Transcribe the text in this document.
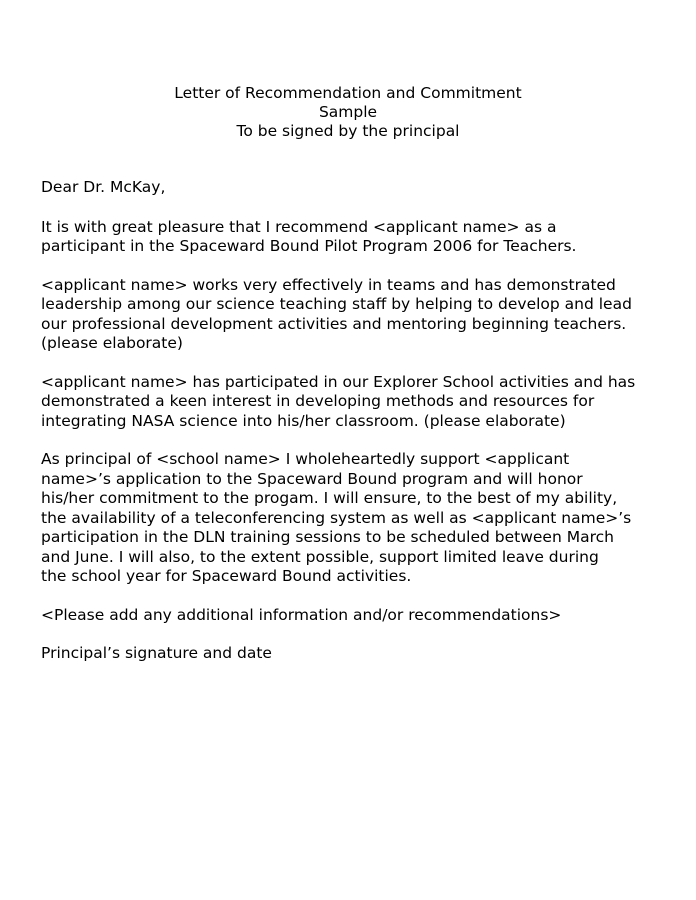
Letter of Recommendation and Commitment
Sample
To be signed by the principal

Dear Dr. McKay,

It is with great pleasure that I recommend <applicant name> as a
participant in the Spaceward Bound Pilot Program 2006 for Teachers.

<applicant name> works very effectively in teams and has demonstrated
leadership among our science teaching staff by helping to develop and lead
our professional development activities and mentoring beginning teachers.
(please elaborate)

<applicant name> has participated in our Explorer School activities and has
demonstrated a keen interest in developing methods and resources for
integrating NASA science into his/her classroom. (please elaborate)

As principal of <school name> I wholeheartedly support <applicant
name>’s application to the Spaceward Bound program and will honor
his/her commitment to the progam. I will ensure, to the best of my ability,
the availability of a teleconferencing system as well as <applicant name>’s
participation in the DLN training sessions to be scheduled between March
and June. I will also, to the extent possible, support limited leave during
the school year for Spaceward Bound activities.

<Please add any additional information and/or recommendations>

Principal’s signature and date
